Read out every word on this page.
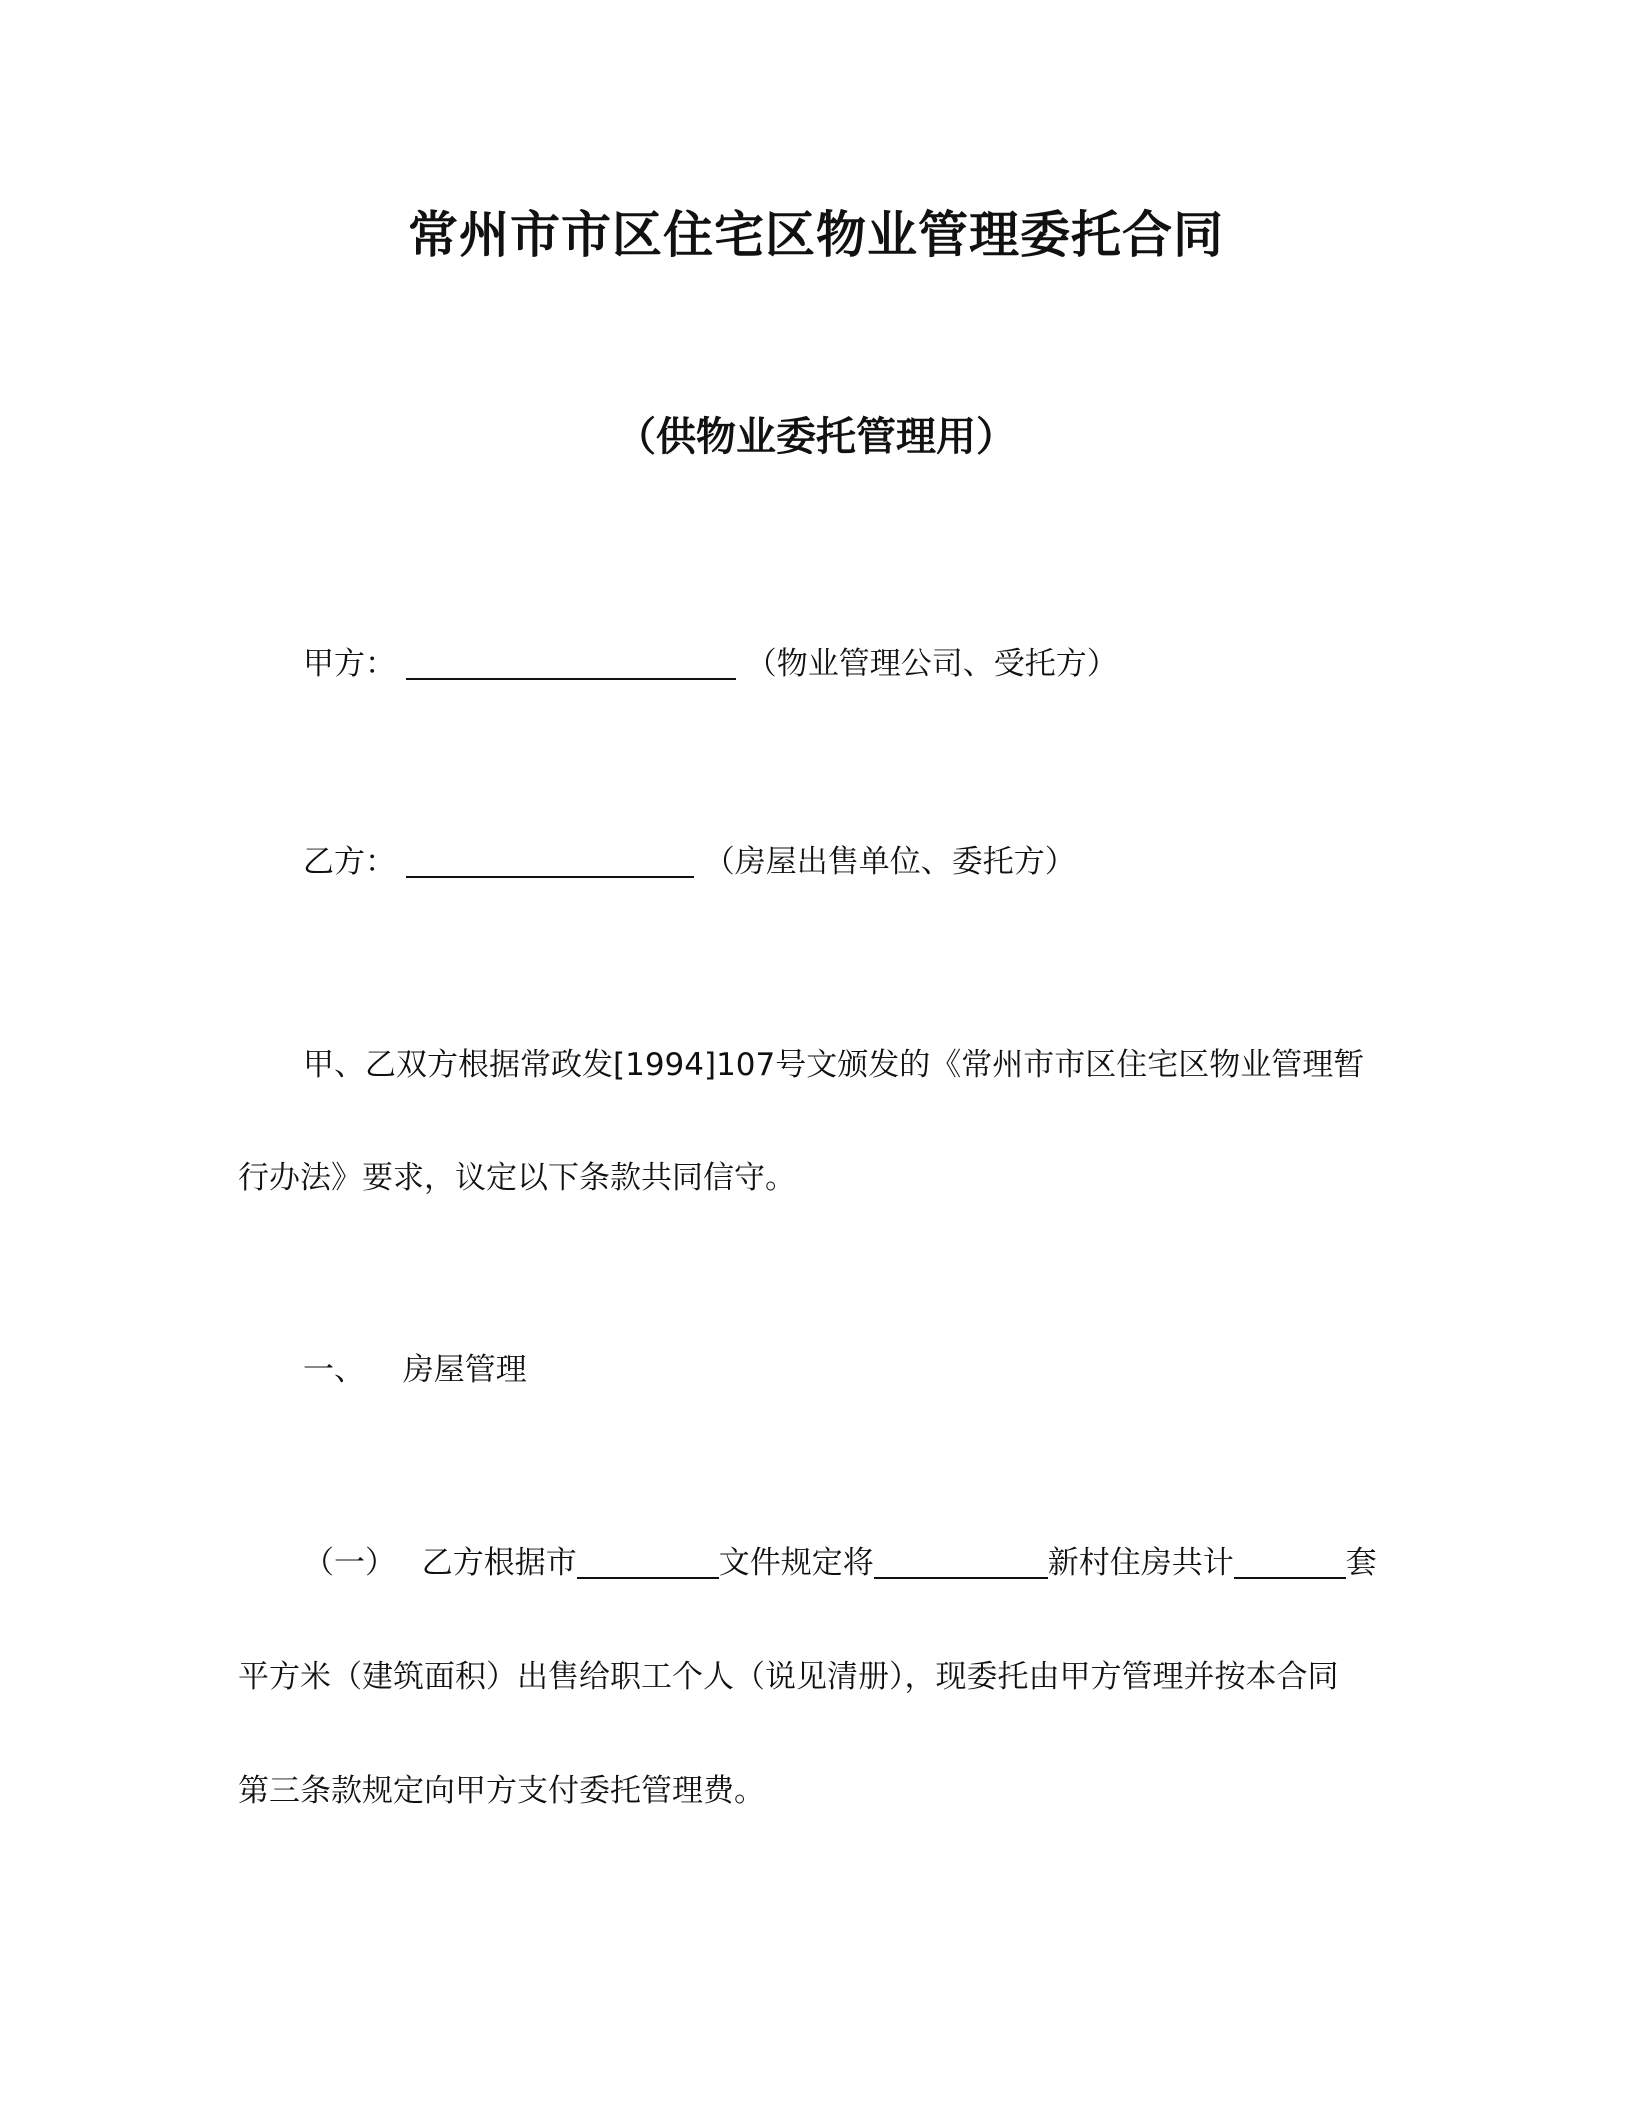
常州市市区住宅区物业管理委托合同
（供物业委托管理用）
甲方：	（物业管理公司、受托方）
乙方：	（房屋出售单位、委托方）
甲、乙双方根据常政发[1994]107号文颁发的《常州市市区住宅区物业管理暂
行办法》要求，议定以下条款共同信守。
一、 房屋管理
（一） 乙方根据市	文件规定将	新村住房共计	套
平方米（建筑面积）出售给职工个人（说见清册），现委托由甲方管理并按本合同
第三条款规定向甲方支付委托管理费。
